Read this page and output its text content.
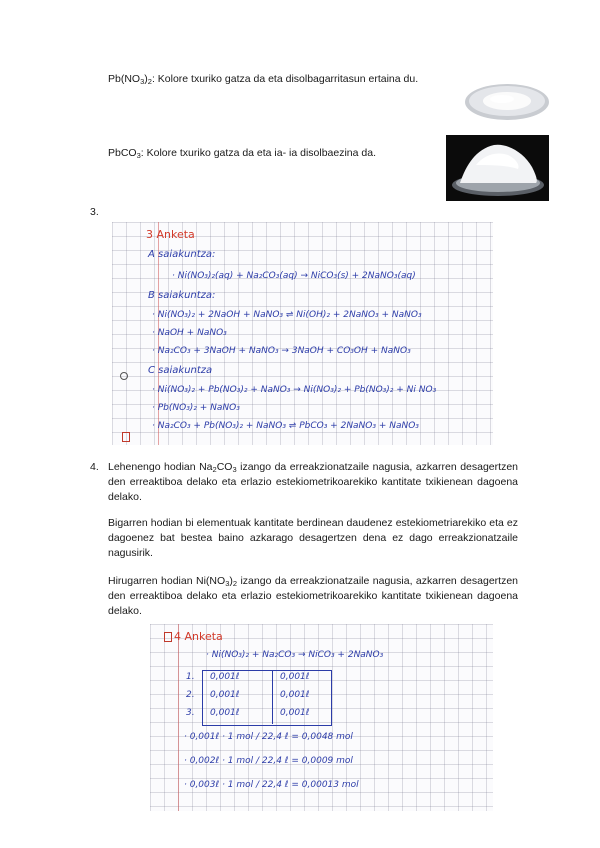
$Pb(NO_3)_2$: Kolore txuriko gatza da eta disolbagarritasun ertaina du.
PbCO$_3$: Kolore txuriko gatza da eta ia- ia disolbaezina da.
3.
3 Anketa
A saiakuntza:
· Ni(NO₃)₂(aq) + Na₂CO₃(aq) → NiCO₃(s) + 2NaNO₃(aq)
B saiakuntza:
· Ni(NO₃)₂ + 2NaOH + NaNO₃ ⇌ Ni(OH)₂ + 2NaNO₃ + NaNO₃
· NaOH + NaNO₃
· Na₂CO₃ + 3NaOH + NaNO₃ → 3NaOH + CO₃OH + NaNO₃
C saiakuntza
· Ni(NO₃)₂ + Pb(NO₃)₂ + NaNO₃ → Ni(NO₃)₂ + Pb(NO₃)₂ + Ni NO₃
· Pb(NO₃)₂ + NaNO₃
· Na₂CO₃ + Pb(NO₃)₂ + NaNO₃ ⇌ PbCO₃ + 2NaNO₃ + NaNO₃
4. Lehenengo hodian $Na_2CO_3$ izango da erreakzionatzaile nagusia, azkarren desagertzen den erreaktiboa delako eta erlazio estekiometrikoarekiko kantitate txikienean dagoena delako.
Bigarren hodian bi elementuak kantitate berdinean daudenez estekiometriarekiko eta ez dagoenez bat bestea baino azkarago desagertzen dena ez dago erreakzionatzaile nagusirik.
Hirugarren hodian $Ni(NO_3)_2$ izango da erreakzionatzaile nagusia, azkarren desagertzen den erreaktiboa delako eta erlazio estekiometrikoarekiko kantitate txikienean dagoena delako.
4 Anketa
· Ni(NO₃)₂ + Na₂CO₃ → NiCO₃ + 2NaNO₃
1. 0,001ℓ	0,001ℓ
2. 0,001ℓ	0,001ℓ
3. 0,001ℓ	0,001ℓ
· 0,001ℓ · 1 mol / 22,4 ℓ = 0,0048 mol
· 0,002ℓ · 1 mol / 22,4 ℓ = 0,0009 mol
· 0,003ℓ · 1 mol / 22,4 ℓ = 0,00013 mol
